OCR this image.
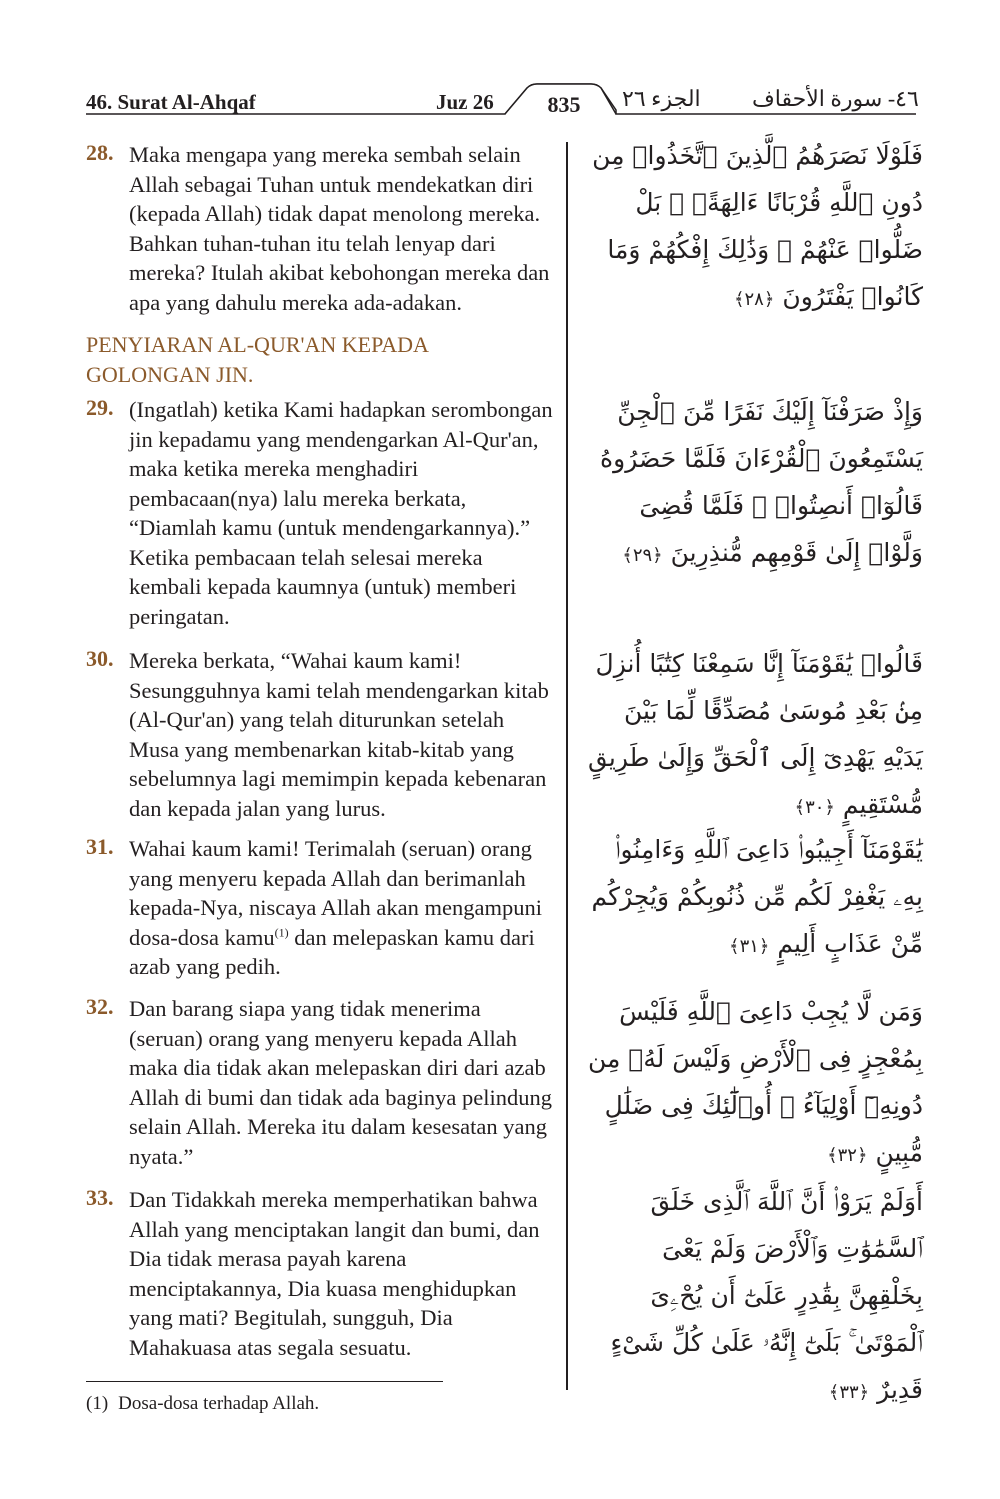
46. Surat Al-Ahqaf	Juz 26	835	الجزء ٢٦ ٤٦- سورة الأحقاف
28. Maka mengapa yang mereka sembah selain Allah sebagai Tuhan untuk mendekatkan diri (kepada Allah) tidak dapat menolong mereka. Bahkan tuhan-tuhan itu telah lenyap dari mereka? Itulah akibat kebohongan mereka dan apa yang dahulu mereka ada-adakan.
فَلَوْلَا نَصَرَهُمُ ٱلَّذِينَ ٱتَّخَذُوا۟ مِن دُونِ ٱللَّهِ قُرْبَانًا ءَالِهَةًۢ ۖ بَلْ ضَلُّوا۟ عَنْهُمْ ۚ وَذَٰلِكَ إِفْكُهُمْ وَمَا كَانُوا۟ يَفْتَرُونَ ﴿٢٨﴾
PENYIARAN AL-QUR'AN KEPADA GOLONGAN JIN.
29. (Ingatlah) ketika Kami hadapkan serombongan jin kepadamu yang mendengarkan Al-Qur'an, maka ketika mereka menghadiri pembacaan(nya) lalu mereka berkata, “Diamlah kamu (untuk mendengarkannya).” Ketika pembacaan telah selesai mereka kembali kepada kaumnya (untuk) memberi peringatan.
وَإِذْ صَرَفْنَآ إِلَيْكَ نَفَرًا مِّنَ ٱلْجِنِّ يَسْتَمِعُونَ ٱلْقُرْءَانَ فَلَمَّا حَضَرُوهُ قَالُوٓا۟ أَنصِتُوا۟ ۖ فَلَمَّا قُضِىَ وَلَّوْا۟ إِلَىٰ قَوْمِهِم مُّنذِرِينَ ﴿٢٩﴾
30. Mereka berkata, “Wahai kaum kami! Sesungguhnya kami telah mendengarkan kitab (Al-Qur'an) yang telah diturunkan setelah Musa yang membenarkan kitab-kitab yang sebelumnya lagi memimpin kepada kebenaran dan kepada jalan yang lurus.
قَالُوا۟ يَٰقَوْمَنَآ إِنَّا سَمِعْنَا كِتَٰبًا أُنزِلَ مِنۢ بَعْدِ مُوسَىٰ مُصَدِّقًا لِّمَا بَيْنَ يَدَيْهِ يَهْدِىٓ إِلَى ٱلْحَقِّ وَإِلَىٰ طَرِيقٍ مُّسْتَقِيمٍ ﴿٣٠﴾
31. Wahai kaum kami! Terimalah (seruan) orang yang menyeru kepada Allah dan berimanlah kepada-Nya, niscaya Allah akan mengampuni dosa-dosa kamu$^{(1)}$ dan melepaskan kamu dari azab yang pedih.
يَٰقَوْمَنَآ أَجِيبُوا۟ دَاعِىَ ٱللَّهِ وَءَامِنُوا۟ بِهِۦ يَغْفِرْ لَكُم مِّن ذُنُوبِكُمْ وَيُجِرْكُم مِّنْ عَذَابٍ أَلِيمٍ ﴿٣١﴾
32. Dan barang siapa yang tidak menerima (seruan) orang yang menyeru kepada Allah maka dia tidak akan melepaskan diri dari azab Allah di bumi dan tidak ada baginya pelindung selain Allah. Mereka itu dalam kesesatan yang nyata.”
وَمَن لَّا يُجِبْ دَاعِىَ ٱللَّهِ فَلَيْسَ بِمُعْجِزٍ فِى ٱلْأَرْضِ وَلَيْسَ لَهُۥ مِن دُونِهِۦٓ أَوْلِيَآءُ ۚ أُو۟لَٰٓئِكَ فِى ضَلَٰلٍ مُّبِينٍ ﴿٣٢﴾
33. Dan Tidakkah mereka memperhatikan bahwa Allah yang menciptakan langit dan bumi, dan Dia tidak merasa payah karena menciptakannya, Dia kuasa menghidupkan yang mati? Begitulah, sungguh, Dia Mahakuasa atas segala sesuatu.
أَوَلَمْ يَرَوْا۟ أَنَّ ٱللَّهَ ٱلَّذِى خَلَقَ ٱلسَّمَٰوَٰتِ وَٱلْأَرْضَ وَلَمْ يَعْىَ بِخَلْقِهِنَّ بِقَٰدِرٍ عَلَىٰٓ أَن يُحْۦِىَ ٱلْمَوْتَىٰ ۚ بَلَىٰٓ إِنَّهُۥ عَلَىٰ كُلِّ شَىْءٍ قَدِيرٌ ﴿٣٣﴾
(1) Dosa-dosa terhadap Allah.
